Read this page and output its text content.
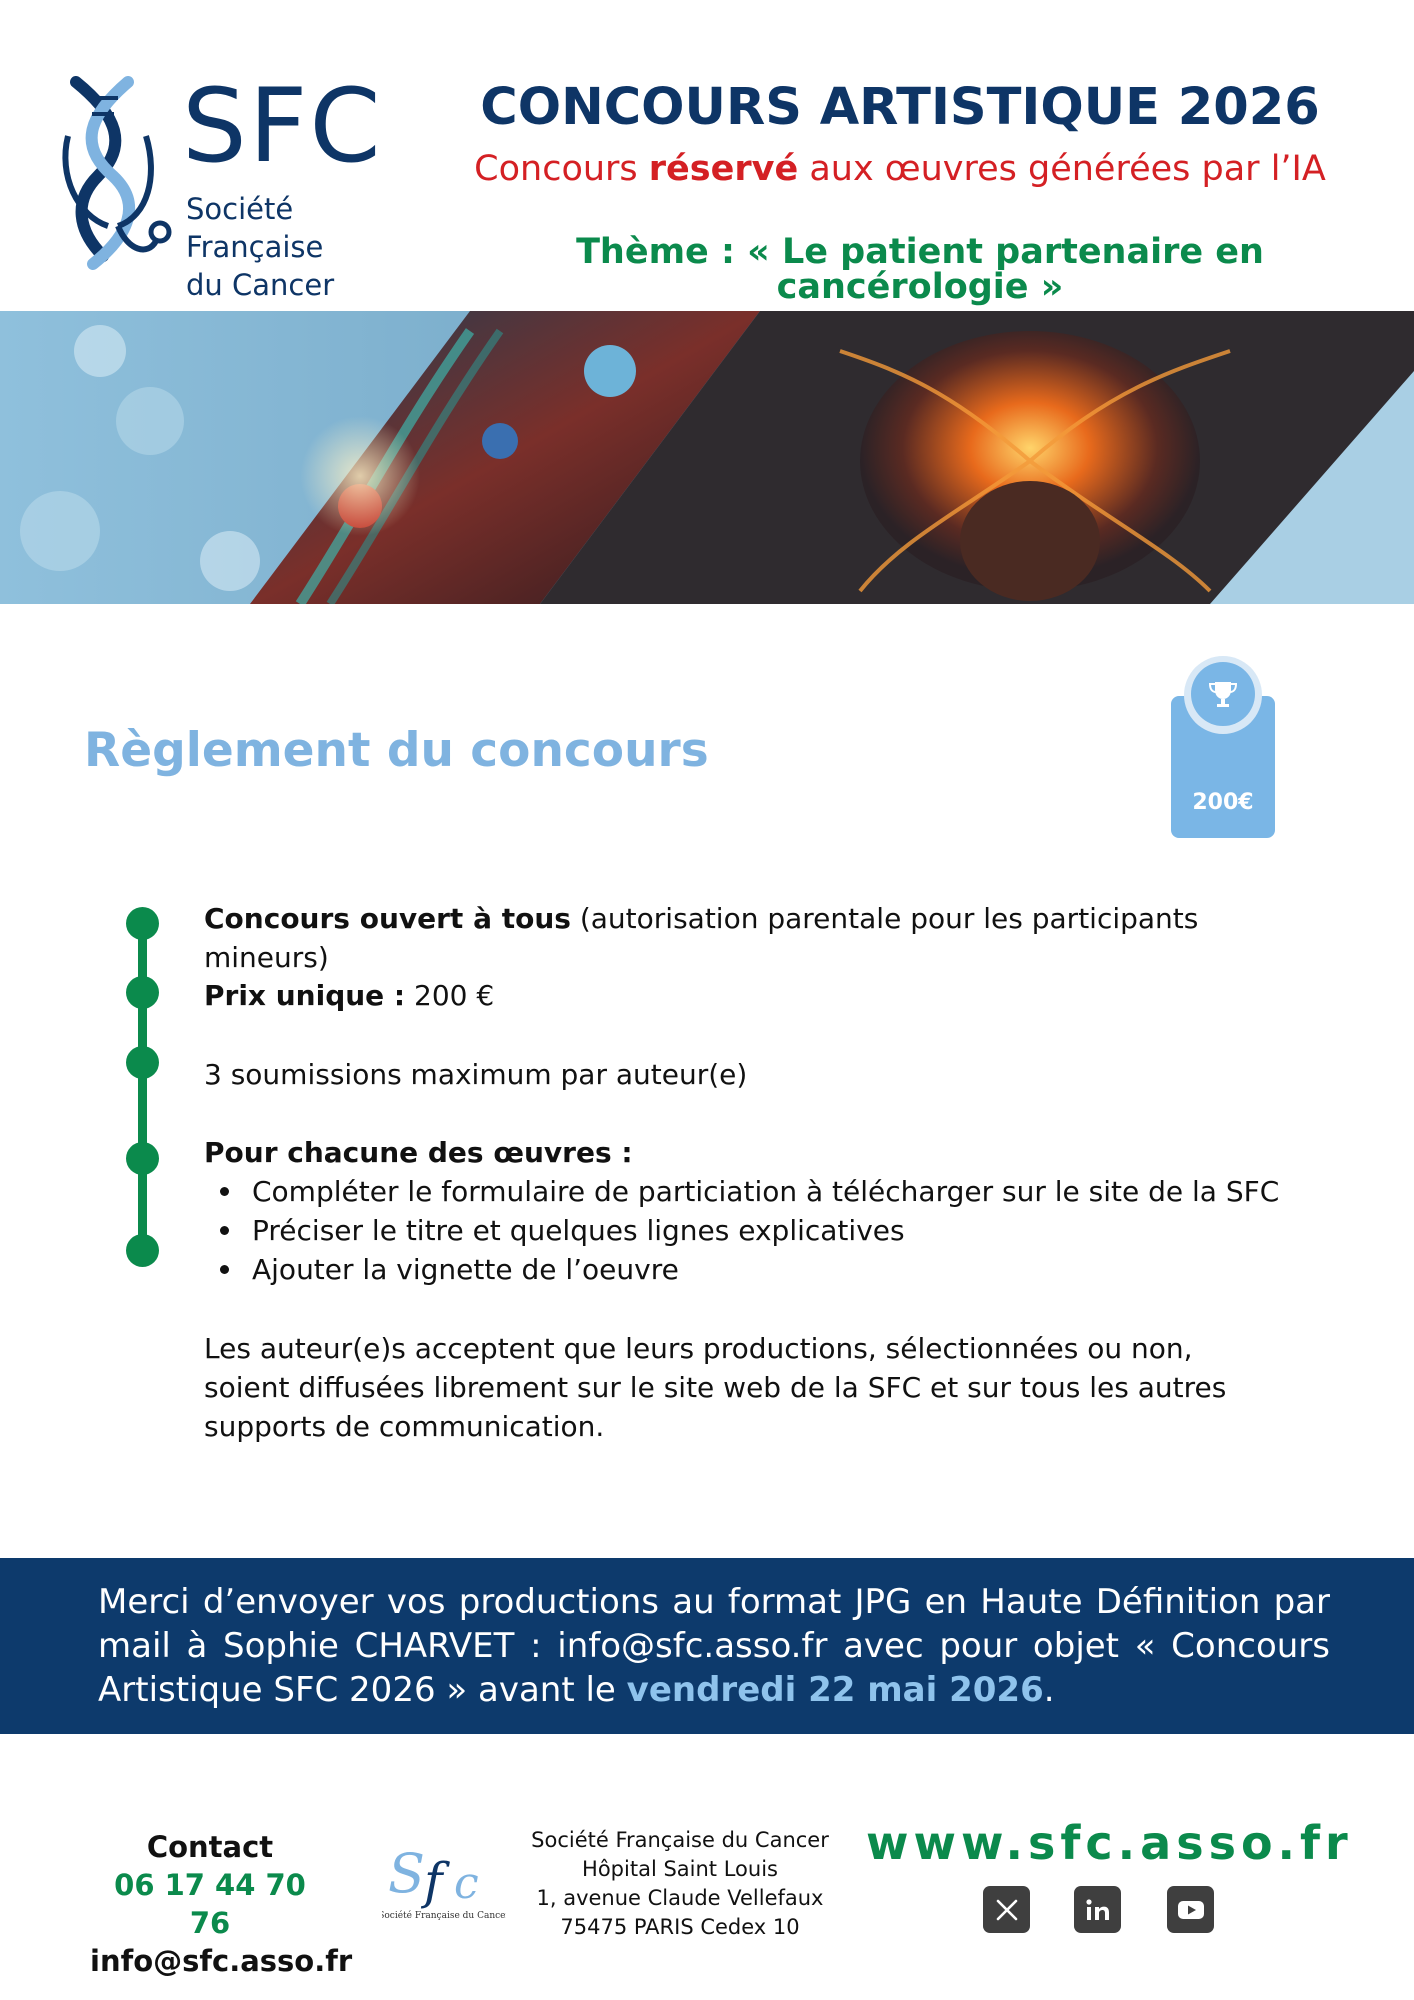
SFC
Société Française
du Cancer
CONCOURS ARTISTIQUE 2026
Concours réservé aux œuvres générées par l’IA
Thème : « Le patient partenaire en cancérologie »
Règlement du concours
200€
Concours ouvert à tous (autorisation parentale pour les participants mineurs)
Prix unique : 200 €
3 soumissions maximum par auteur(e)
Pour chacune des œuvres :
Compléter le formulaire de particiation à télécharger sur le site de la SFC
Préciser le titre et quelques lignes explicatives
Ajouter la vignette de l’oeuvre
Les auteur(e)s acceptent que leurs productions, sélectionnées ou non, soient diffusées librement sur le site web de la SFC et sur tous les autres supports de communication.

Merci d’envoyer vos productions au format JPG en Haute Définition par mail à Sophie CHARVET : info@sfc.asso.fr avec pour objet « Concours Artistique SFC 2026 » avant le vendredi 22 mai 2026.

Contact
06 17 44 70 76
info@sfc.asso.fr
S f c
Société Française du Cancer
Société Française du Cancer
Hôpital Saint Louis
1, avenue Claude Vellefaux
75475 PARIS Cedex 10
www.sfc.asso.fr
